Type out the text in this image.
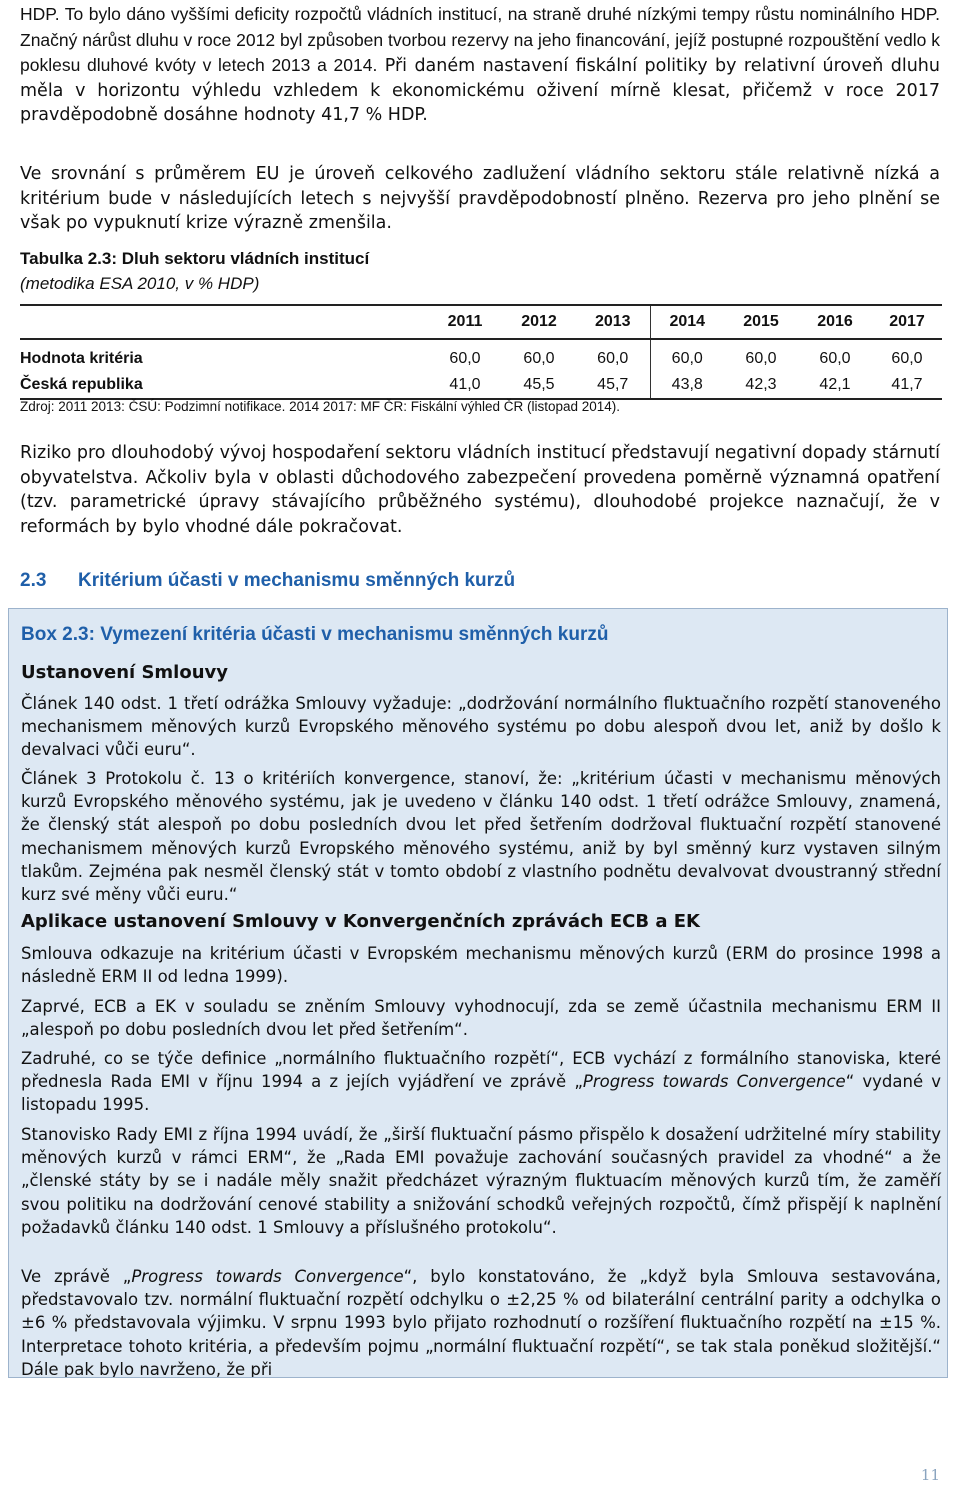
HDP. To bylo dáno vyššími deficity rozpočtů vládních institucí, na straně druhé nízkými tempy růstu nominálního HDP. Značný nárůst dluhu v roce 2012 byl způsoben tvorbou rezervy na jeho financování, jejíž postupné rozpouštění vedlo k poklesu dluhové kvóty v letech 2013 a 2014. Při daném nastavení fiskální politiky by relativní úroveň dluhu měla v horizontu výhledu vzhledem k ekonomickému oživení mírně klesat, přičemž v roce 2017 pravděpodobně dosáhne hodnoty 41,7 % HDP.

Ve srovnání s průměrem EU je úroveň celkového zadlužení vládního sektoru stále relativně nízká a kritérium bude v následujících letech s nejvyšší pravděpodobností plněno. Rezerva pro jeho plnění se však po vypuknutí krize výrazně zmenšila.

Tabulka 2.3: Dluh sektoru vládních institucí

(metodika ESA 2010, v % HDP)

	2011	2012	2013	2014	2015	2016	2017
Hodnota kritéria	60,0	60,0	60,0	60,0	60,0	60,0	60,0
Česká republika	41,0	45,5	45,7	43,8	42,3	42,1	41,7

Zdroj: 2011 2013: ČSÚ: Podzimní notifikace. 2014 2017: MF ČR: Fiskální výhled ČR (listopad 2014).

Riziko pro dlouhodobý vývoj hospodaření sektoru vládních institucí představují negativní dopady stárnutí obyvatelstva. Ačkoliv byla v oblasti důchodového zabezpečení provedena poměrně významná opatření (tzv. parametrické úpravy stávajícího průběžného systému), dlouhodobé projekce naznačují, že v reformách by bylo vhodné dále pokračovat.

2.3 Kritérium účasti v mechanismu směnných kurzů

Box 2.3: Vymezení kritéria účasti v mechanismu směnných kurzů

Ustanovení Smlouvy

Článek 140 odst. 1 třetí odrážka Smlouvy vyžaduje: „dodržování normálního fluktuačního rozpětí stanoveného mechanismem měnových kurzů Evropského měnového systému po dobu alespoň dvou let, aniž by došlo k devalvaci vůči euru“.

Článek 3 Protokolu č. 13 o kritériích konvergence, stanoví, že: „kritérium účasti v mechanismu měnových kurzů Evropského měnového systému, jak je uvedeno v článku 140 odst. 1 třetí odrážce Smlouvy, znamená, že členský stát alespoň po dobu posledních dvou let před šetřením dodržoval fluktuační rozpětí stanovené mechanismem měnových kurzů Evropského měnového systému, aniž by byl směnný kurz vystaven silným tlakům. Zejména pak nesměl členský stát v tomto období z vlastního podnětu devalvovat dvoustranný střední kurz své měny vůči euru.“

Aplikace ustanovení Smlouvy v Konvergenčních zprávách ECB a EK

Smlouva odkazuje na kritérium účasti v Evropském mechanismu měnových kurzů (ERM do prosince 1998 a následně ERM II od ledna 1999).

Zaprvé, ECB a EK v souladu se zněním Smlouvy vyhodnocují, zda se země účastnila mechanismu ERM II „alespoň po dobu posledních dvou let před šetřením“.

Zadruhé, co se týče definice „normálního fluktuačního rozpětí“, ECB vychází z formálního stanoviska, které přednesla Rada EMI v říjnu 1994 a z jejích vyjádření ve zprávě „Progress towards Convergence“ vydané v listopadu 1995.

Stanovisko Rady EMI z října 1994 uvádí, že „širší fluktuační pásmo přispělo k dosažení udržitelné míry stability měnových kurzů v rámci ERM“, že „Rada EMI považuje zachování současných pravidel za vhodné“ a že „členské státy by se i nadále měly snažit předcházet výrazným fluktuacím měnových kurzů tím, že zaměří svou politiku na dodržování cenové stability a snižování schodků veřejných rozpočtů, čímž přispějí k naplnění požadavků článku 140 odst. 1 Smlouvy a příslušného protokolu“.

Ve zprávě „Progress towards Convergence“, bylo konstatováno, že „když byla Smlouva sestavována, představovalo tzv. normální fluktuační rozpětí odchylku o ±2,25 % od bilaterální centrální parity a odchylka o ±6 % představovala výjimku. V srpnu 1993 bylo přijato rozhodnutí o rozšíření fluktuačního rozpětí na ±15 %. Interpretace tohoto kritéria, a především pojmu „normální fluktuační rozpětí“, se tak stala poněkud složitější.“ Dále pak bylo navrženo, že při

11
